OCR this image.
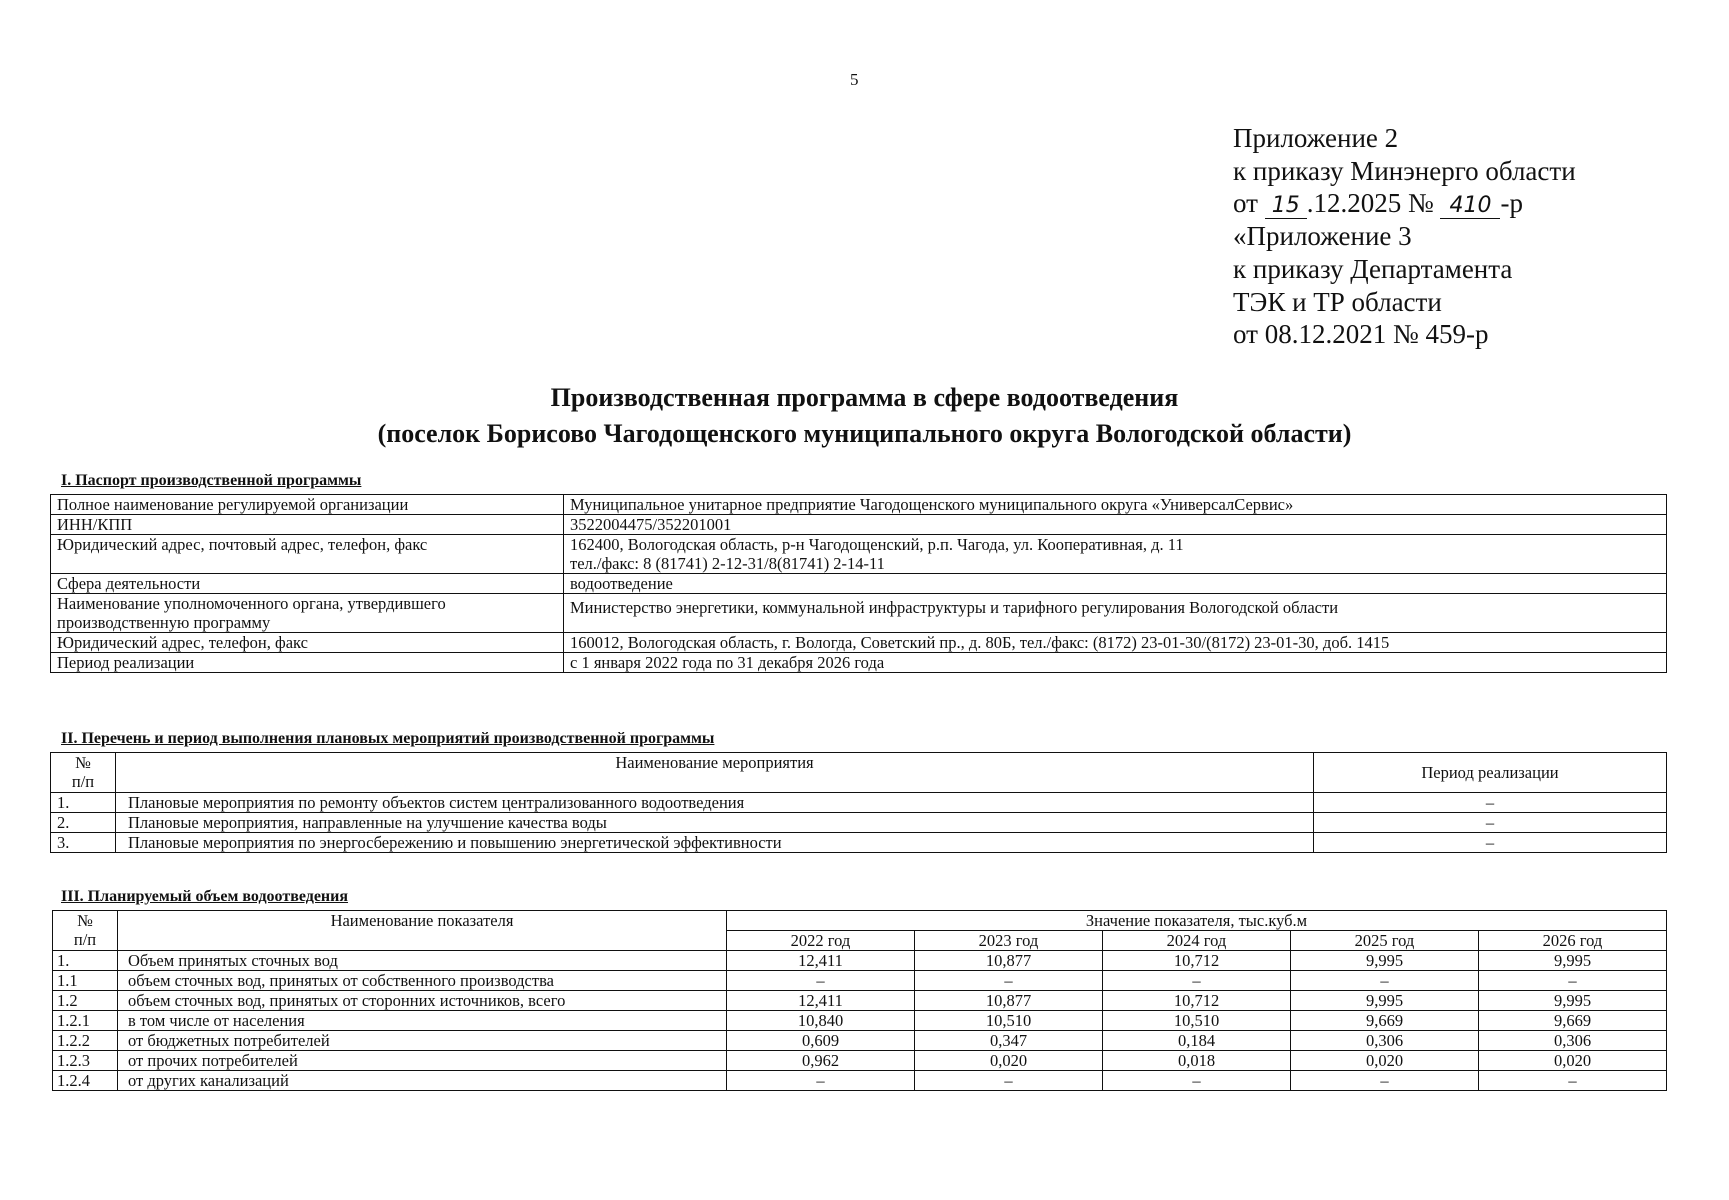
5
Приложение 2
к приказу Минэнерго области
от 15 .12.2025 № 410 -р
«Приложение 3
к приказу Департамента
ТЭК и ТР области
от 08.12.2021 № 459-р
Производственная программа в сфере водоотведения
(поселок Борисово Чагодощенского муниципального округа Вологодской области)
I. Паспорт производственной программы
Полное наименование регулируемой организации	Муниципальное унитарное предприятие Чагодощенского муниципального округа «УниверсалСервис»
ИНН/КПП	3522004475/352201001
Юридический адрес, почтовый адрес, телефон, факс	162400, Вологодская область, р-н Чагодощенский, р.п. Чагода, ул. Кооперативная, д. 11
тел./факс: 8 (81741) 2-12-31/8(81741) 2-14-11

Сфера деятельности	водоотведение

Наименование уполномоченного органа, утвердившего
производственную программу	Министерство энергетики, коммунальной инфраструктуры и тарифного регулирования Вологодской области
Юридический адрес, телефон, факс	160012, Вологодская область, г. Вологда, Советский пр., д. 80Б, тел./факс: (8172) 23-01-30/(8172) 23-01-30, доб. 1415
Период реализации	с 1 января 2022 года по 31 декабря 2026 года
II. Перечень и период выполнения плановых мероприятий производственной программы
№
п/п	Наименование мероприятия	Период реализации
1.	Плановые мероприятия по ремонту объектов систем централизованного водоотведения	–
2.	Плановые мероприятия, направленные на улучшение качества воды	–
3.	Плановые мероприятия по энергосбережению и повышению энергетической эффективности	–
III. Планируемый объем водоотведения
№
п/п	Наименование показателя	Значение показателя, тыс.куб.м				
		2022 год	2023 год	2024 год	2025 год	2026 год
1.	Объем принятых сточных вод	12,411	10,877	10,712	9,995	9,995
1.1	объем сточных вод, принятых от собственного производства	–	–	–	–	–
1.2	объем сточных вод, принятых от сторонних источников, всего	12,411	10,877	10,712	9,995	9,995
1.2.1	в том числе от населения	10,840	10,510	10,510	9,669	9,669
1.2.2	от бюджетных потребителей	0,609	0,347	0,184	0,306	0,306
1.2.3	от прочих потребителей	0,962	0,020	0,018	0,020	0,020
1.2.4	от других канализаций	–	–	–	–	–
